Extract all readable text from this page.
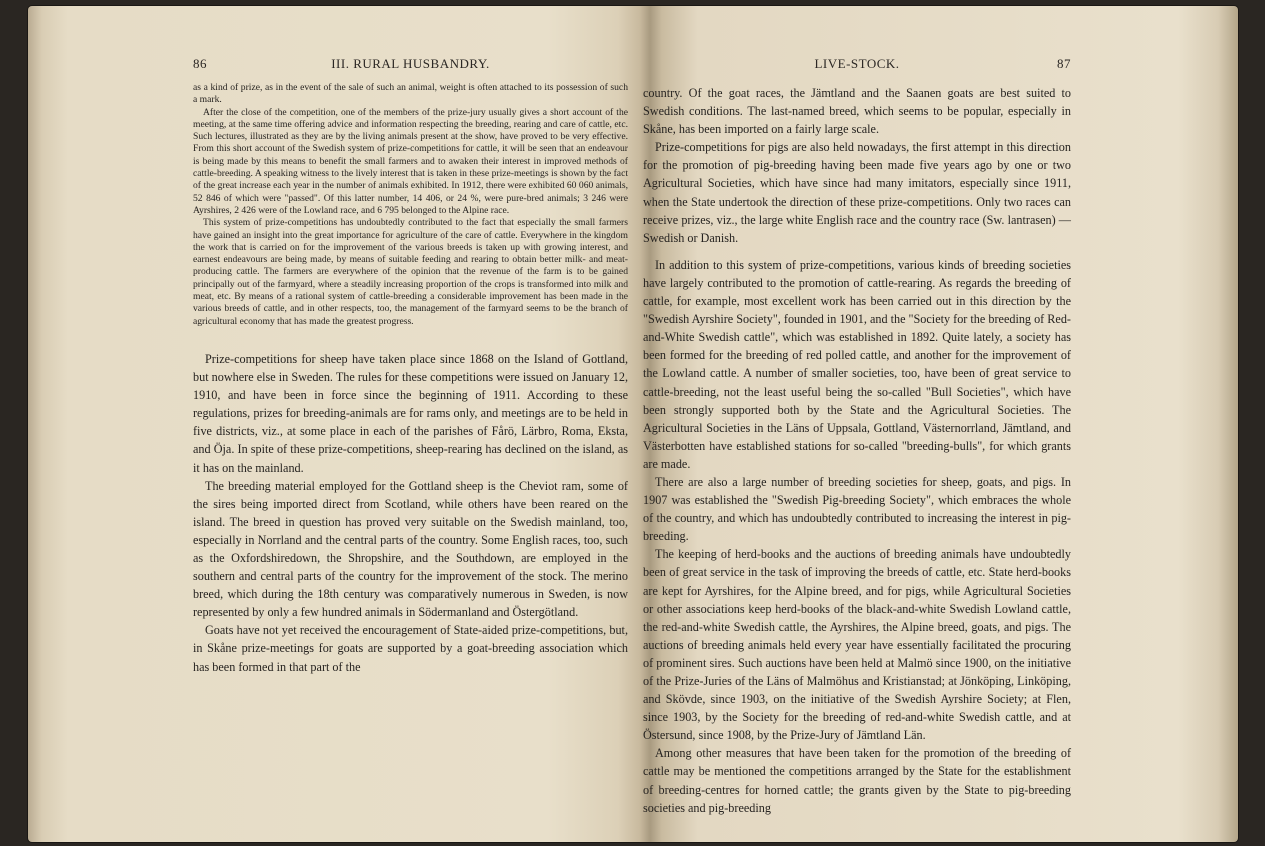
86	III. RURAL HUSBANDRY.

as a kind of prize, as in the event of the sale of such an animal, weight is often attached to its possession of such a mark.

After the close of the competition, one of the members of the prize-jury usually gives a short account of the meeting, at the same time offering advice and information respecting the breeding, rearing and care of cattle, etc. Such lectures, illustrated as they are by the living animals present at the show, have proved to be very effective. From this short account of the Swedish system of prize-competitions for cattle, it will be seen that an endeavour is being made by this means to benefit the small farmers and to awaken their interest in improved methods of cattle-breeding. A speaking witness to the lively interest that is taken in these prize-meetings is shown by the fact of the great increase each year in the number of animals exhibited. In 1912, there were exhibited 60 060 animals, 52 846 of which were "passed". Of this latter number, 14 406, or 24 %, were pure-bred animals; 3 246 were Ayrshires, 2 426 were of the Lowland race, and 6 795 belonged to the Alpine race.

This system of prize-competitions has undoubtedly contributed to the fact that especially the small farmers have gained an insight into the great importance for agriculture of the care of cattle. Everywhere in the kingdom the work that is carried on for the improvement of the various breeds is taken up with growing interest, and earnest endeavours are being made, by means of suitable feeding and rearing to obtain better milk- and meat-producing cattle. The farmers are everywhere of the opinion that the revenue of the farm is to be gained principally out of the farmyard, where a steadily increasing proportion of the crops is transformed into milk and meat, etc. By means of a rational system of cattle-breeding a considerable improvement has been made in the various breeds of cattle, and in other respects, too, the management of the farmyard seems to be the branch of agricultural economy that has made the greatest progress.

Prize-competitions for sheep have taken place since 1868 on the Island of Gottland, but nowhere else in Sweden. The rules for these competitions were issued on January 12, 1910, and have been in force since the beginning of 1911. According to these regulations, prizes for breeding-animals are for rams only, and meetings are to be held in five districts, viz., at some place in each of the parishes of Fårö, Lärbro, Roma, Eksta, and Öja. In spite of these prize-competitions, sheep-rearing has declined on the island, as it has on the mainland.

The breeding material employed for the Gottland sheep is the Cheviot ram, some of the sires being imported direct from Scotland, while others have been reared on the island. The breed in question has proved very suitable on the Swedish mainland, too, especially in Norrland and the central parts of the country. Some English races, too, such as the Oxfordshiredown, the Shropshire, and the Southdown, are employed in the southern and central parts of the country for the improvement of the stock. The merino breed, which during the 18th century was comparatively numerous in Sweden, is now represented by only a few hundred animals in Södermanland and Östergötland.

Goats have not yet received the encouragement of State-aided prize-competitions, but, in Skåne prize-meetings for goats are supported by a goat-breeding association which has been formed in that part of the

LIVE-STOCK.	87

country. Of the goat races, the Jämtland and the Saanen goats are best suited to Swedish conditions. The last-named breed, which seems to be popular, especially in Skåne, has been imported on a fairly large scale.

Prize-competitions for pigs are also held nowadays, the first attempt in this direction for the promotion of pig-breeding having been made five years ago by one or two Agricultural Societies, which have since had many imitators, especially since 1911, when the State undertook the direction of these prize-competitions. Only two races can receive prizes, viz., the large white English race and the country race (Sw. lantrasen) — Swedish or Danish.

In addition to this system of prize-competitions, various kinds of breeding societies have largely contributed to the promotion of cattle-rearing. As regards the breeding of cattle, for example, most excellent work has been carried out in this direction by the "Swedish Ayrshire Society", founded in 1901, and the "Society for the breeding of Red-and-White Swedish cattle", which was established in 1892. Quite lately, a society has been formed for the breeding of red polled cattle, and another for the improvement of the Lowland cattle. A number of smaller societies, too, have been of great service to cattle-breeding, not the least useful being the so-called "Bull Societies", which have been strongly supported both by the State and the Agricultural Societies. The Agricultural Societies in the Läns of Uppsala, Gottland, Västernorrland, Jämtland, and Västerbotten have established stations for so-called "breeding-bulls", for which grants are made.

There are also a large number of breeding societies for sheep, goats, and pigs. In 1907 was established the "Swedish Pig-breeding Society", which embraces the whole of the country, and which has undoubtedly contributed to increasing the interest in pig-breeding.

The keeping of herd-books and the auctions of breeding animals have undoubtedly been of great service in the task of improving the breeds of cattle, etc. State herd-books are kept for Ayrshires, for the Alpine breed, and for pigs, while Agricultural Societies or other associations keep herd-books of the black-and-white Swedish Lowland cattle, the red-and-white Swedish cattle, the Ayrshires, the Alpine breed, goats, and pigs. The auctions of breeding animals held every year have essentially facilitated the procuring of prominent sires. Such auctions have been held at Malmö since 1900, on the initiative of the Prize-Juries of the Läns of Malmöhus and Kristianstad; at Jönköping, Linköping, and Skövde, since 1903, on the initiative of the Swedish Ayrshire Society; at Flen, since 1903, by the Society for the breeding of red-and-white Swedish cattle, and at Östersund, since 1908, by the Prize-Jury of Jämtland Län.

Among other measures that have been taken for the promotion of the breeding of cattle may be mentioned the competitions arranged by the State for the establishment of breeding-centres for horned cattle; the grants given by the State to pig-breeding societies and pig-breeding
